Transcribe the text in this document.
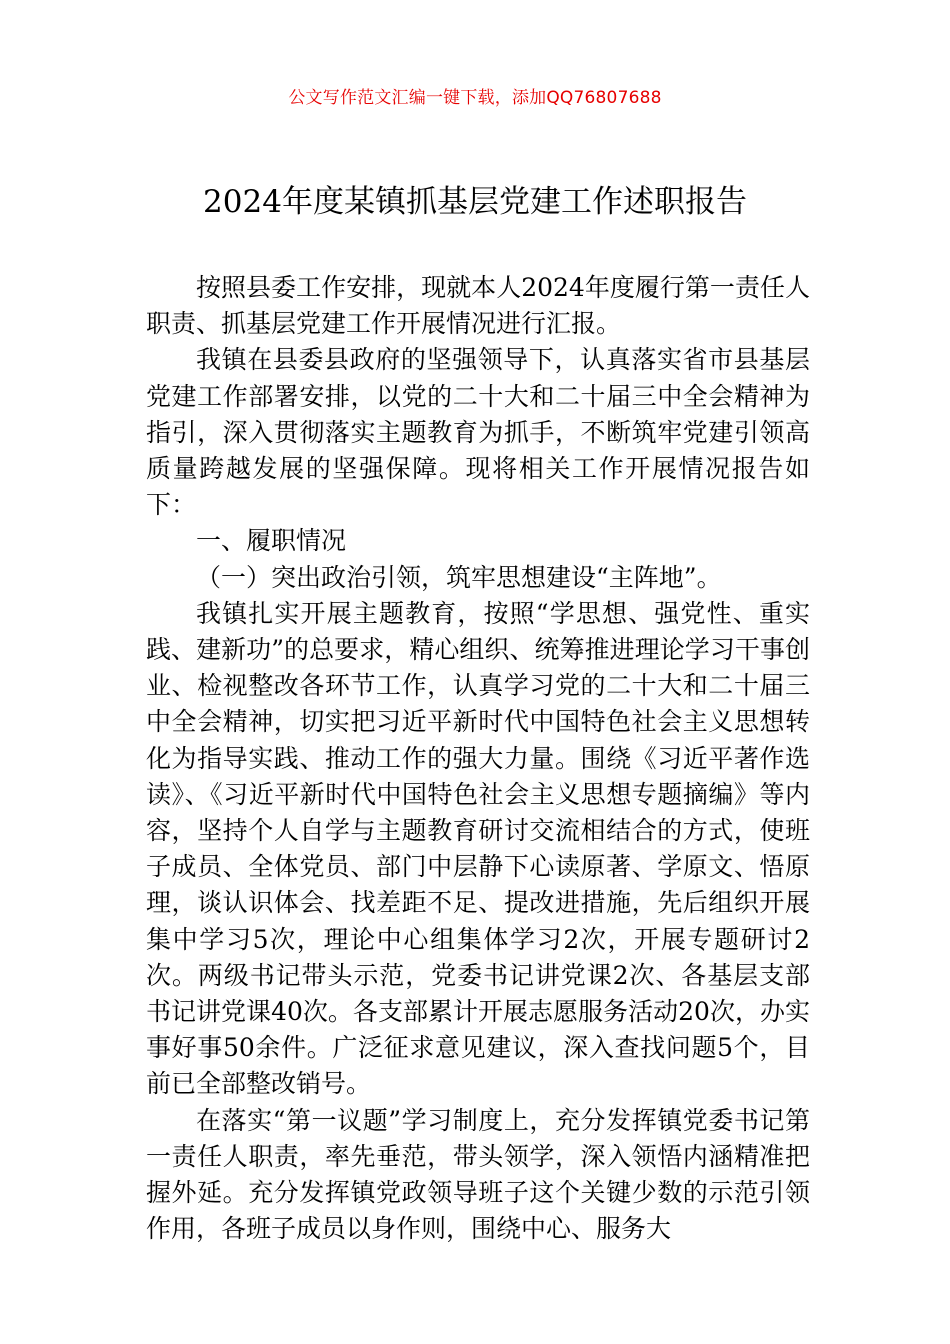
公文写作范文汇编一键下载，添加QQ76807688
2024年度某镇抓基层党建工作述职报告

按照县委工作安排，现就本人2024年度履行第一责任人职责、抓基层党建工作开展情况进行汇报。

我镇在县委县政府的坚强领导下，认真落实省市县基层党建工作部署安排，以党的二十大和二十届三中全会精神为指引，深入贯彻落实主题教育为抓手，不断筑牢党建引领高质量跨越发展的坚强保障。现将相关工作开展情况报告如下：

一、履职情况

（一）突出政治引领，筑牢思想建设“主阵地”。

我镇扎实开展主题教育，按照“学思想、强党性、重实践、建新功”的总要求，精心组织、统筹推进理论学习干事创业、检视整改各环节工作，认真学习党的二十大和二十届三中全会精神，切实把习近平新时代中国特色社会主义思想转化为指导实践、推动工作的强大力量。围绕《习近平著作选读》、《习近平新时代中国特色社会主义思想专题摘编》等内容，坚持个人自学与主题教育研讨交流相结合的方式，使班子成员、全体党员、部门中层静下心读原著、学原文、悟原理，谈认识体会、找差距不足、提改进措施，先后组织开展集中学习5次，理论中心组集体学习2次，开展专题研讨2次。两级书记带头示范，党委书记讲党课2次、各基层支部书记讲党课40次。各支部累计开展志愿服务活动20次，办实事好事50余件。广泛征求意见建议，深入查找问题5个，目前已全部整改销号。

在落实“第一议题”学习制度上，充分发挥镇党委书记第一责任人职责，率先垂范，带头领学，深入领悟内涵精准把握外延。充分发挥镇党政领导班子这个关键少数的示范引领作用，各班子成员以身作则，围绕中心、服务大
